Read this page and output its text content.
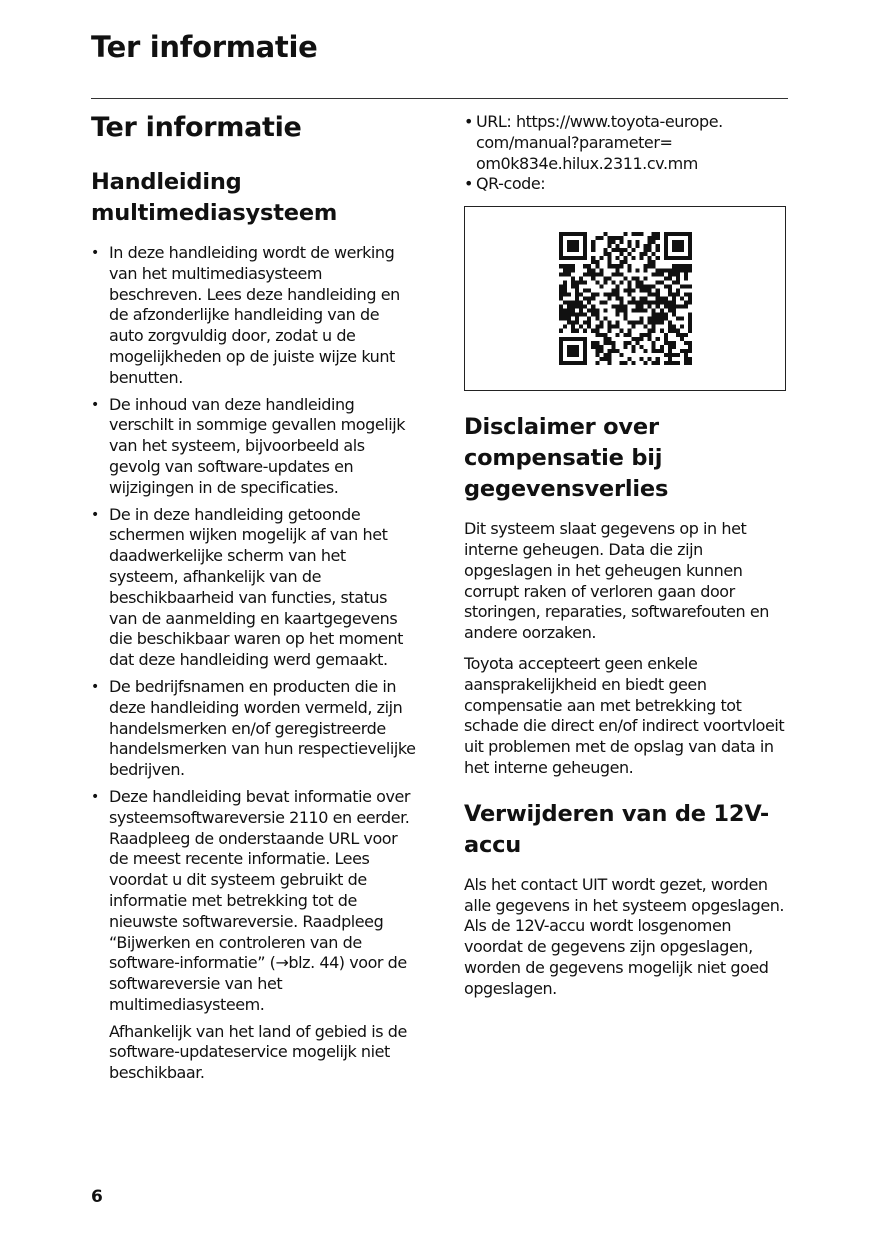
Ter informatie
Ter informatie
Handleiding multimediasysteem
• In deze handleiding wordt de werking van het multimediasysteem beschreven. Lees deze handleiding en de afzonderlijke handleiding van de auto zorgvuldig door, zodat u de mogelijkheden op de juiste wijze kunt benutten.

• De inhoud van deze handleiding verschilt in sommige gevallen mogelijk van het systeem, bijvoorbeeld als gevolg van software-updates en wijzigingen in de specificaties.

• De in deze handleiding getoonde schermen wijken mogelijk af van het daadwerkelijke scherm van het systeem, afhankelijk van de beschikbaarheid van functies, status van de aanmelding en kaartgegevens die beschikbaar waren op het moment dat deze handleiding werd gemaakt.

• De bedrijfsnamen en producten die in deze handleiding worden vermeld, zijn handelsmerken en/of geregistreerde handelsmerken van hun respectievelijke bedrijven.

• Deze handleiding bevat informatie over systeemsoftwareversie 2110 en eerder. Raadpleeg de onderstaande URL voor de meest recente informatie. Lees voordat u dit systeem gebruikt de informatie met betrekking tot de nieuwste softwareversie. Raadpleeg “Bijwerken en controleren van de software-informatie” (→blz. 44) voor de softwareversie van het multimediasysteem.

Afhankelijk van het land of gebied is de software-updateservice mogelijk niet beschikbaar.

• URL: https://www.toyota-europe. com/manual?parameter= om0k834e.hilux.2311.cv.mm

• QR-code:

Disclaimer over compensatie bij gegevensverlies

Dit systeem slaat gegevens op in het interne geheugen. Data die zijn opgeslagen in het geheugen kunnen corrupt raken of verloren gaan door storingen, reparaties, softwarefouten en andere oorzaken.

Toyota accepteert geen enkele aansprakelijkheid en biedt geen compensatie aan met betrekking tot schade die direct en/of indirect voortvloeit uit problemen met de opslag van data in het interne geheugen.

Verwijderen van de 12V-accu

Als het contact UIT wordt gezet, worden alle gegevens in het systeem opgeslagen. Als de 12V-accu wordt losgenomen voordat de gegevens zijn opgeslagen, worden de gegevens mogelijk niet goed opgeslagen.

6
